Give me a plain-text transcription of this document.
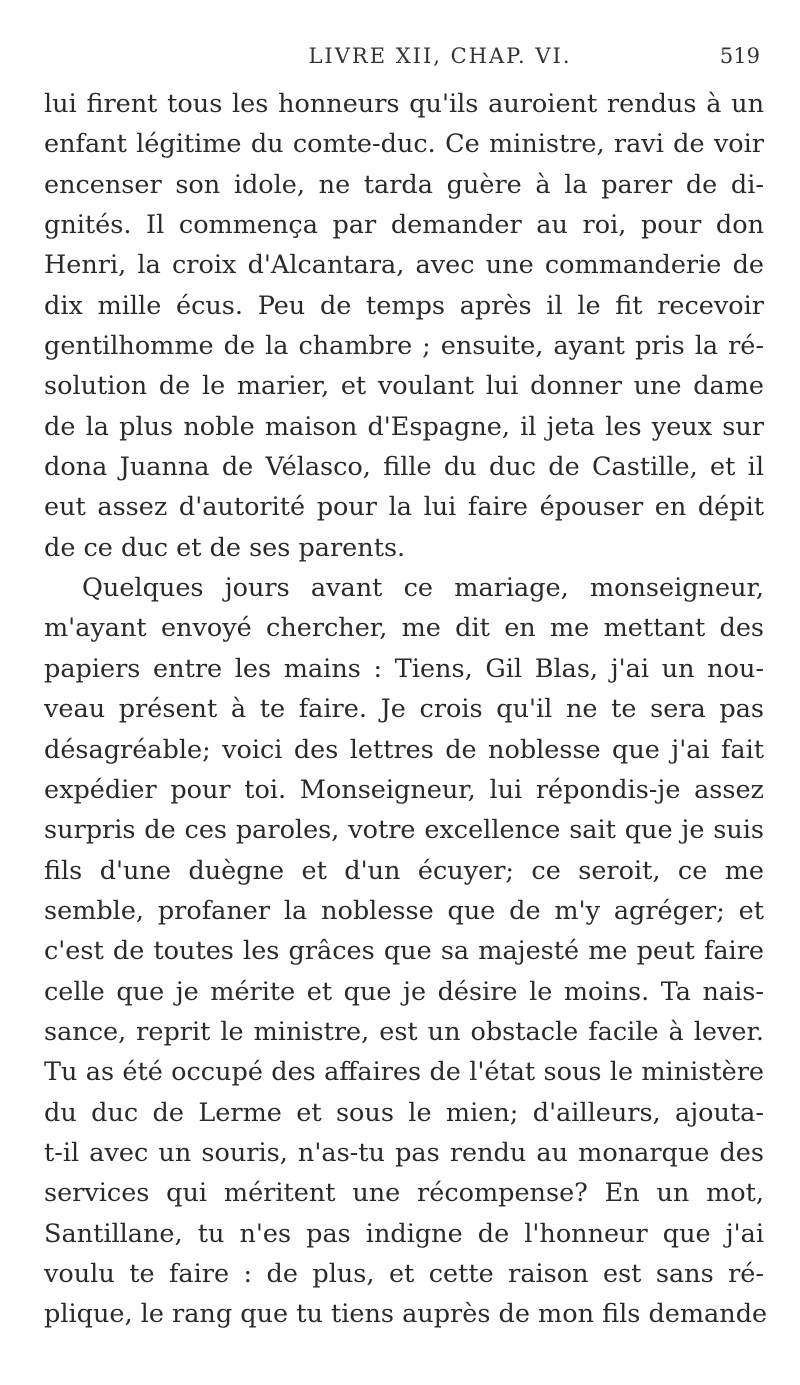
LIVRE XII, CHAP. VI.	519
lui firent tous les honneurs qu'ils auroient rendus à un
enfant légitime du comte-duc. Ce ministre, ravi de voir
encenser son idole, ne tarda guère à la parer de di-
gnités. Il commença par demander au roi, pour don
Henri, la croix d'Alcantara, avec une commanderie de
dix mille écus. Peu de temps après il le fit recevoir
gentilhomme de la chambre ; ensuite, ayant pris la ré-
solution de le marier, et voulant lui donner une dame
de la plus noble maison d'Espagne, il jeta les yeux sur
dona Juanna de Vélasco, fille du duc de Castille, et il
eut assez d'autorité pour la lui faire épouser en dépit
de ce duc et de ses parents.
Quelques jours avant ce mariage, monseigneur,
m'ayant envoyé chercher, me dit en me mettant des
papiers entre les mains : Tiens, Gil Blas, j'ai un nou-
veau présent à te faire. Je crois qu'il ne te sera pas
désagréable; voici des lettres de noblesse que j'ai fait
expédier pour toi. Monseigneur, lui répondis-je assez
surpris de ces paroles, votre excellence sait que je suis
fils d'une duègne et d'un écuyer; ce seroit, ce me
semble, profaner la noblesse que de m'y agréger; et
c'est de toutes les grâces que sa majesté me peut faire
celle que je mérite et que je désire le moins. Ta nais-
sance, reprit le ministre, est un obstacle facile à lever.
Tu as été occupé des affaires de l'état sous le ministère
du duc de Lerme et sous le mien; d'ailleurs, ajouta-
t-il avec un souris, n'as-tu pas rendu au monarque des
services qui méritent une récompense? En un mot,
Santillane, tu n'es pas indigne de l'honneur que j'ai
voulu te faire : de plus, et cette raison est sans ré-
plique, le rang que tu tiens auprès de mon fils demande
